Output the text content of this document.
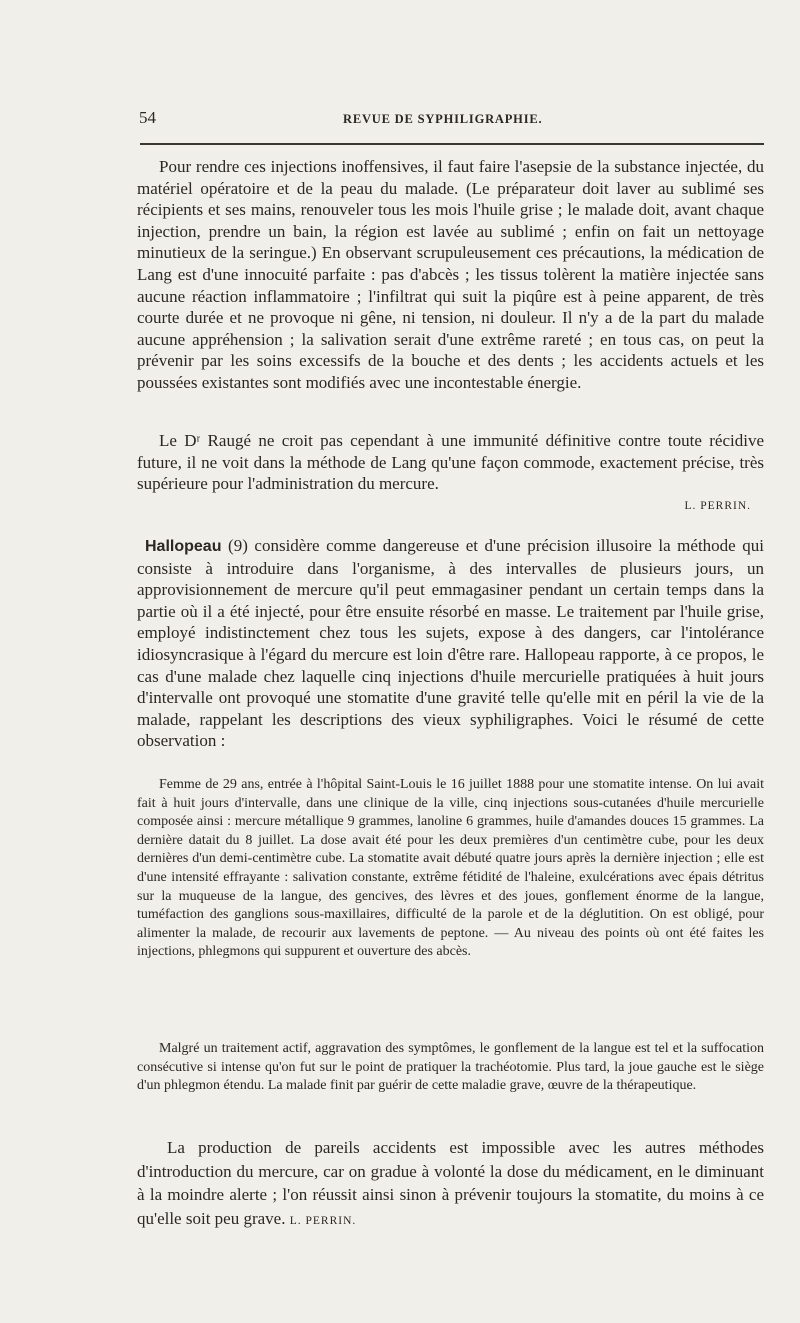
54	REVUE DE SYPHILIGRAPHIE.

Pour rendre ces injections inoffensives, il faut faire l'asepsie de la substance injectée, du matériel opératoire et de la peau du malade. (Le préparateur doit laver au sublimé ses récipients et ses mains, renouveler tous les mois l'huile grise ; le malade doit, avant chaque injection, prendre un bain, la région est lavée au sublimé ; enfin on fait un nettoyage minutieux de la seringue.) En observant scrupuleusement ces précautions, la médication de Lang est d'une innocuité parfaite : pas d'abcès ; les tissus tolèrent la matière injectée sans aucune réaction inflammatoire ; l'infiltrat qui suit la piqûre est à peine apparent, de très courte durée et ne provoque ni gêne, ni tension, ni douleur. Il n'y a de la part du malade aucune appréhension ; la salivation serait d'une extrême rareté ; en tous cas, on peut la prévenir par les soins excessifs de la bouche et des dents ; les accidents actuels et les poussées existantes sont modifiés avec une incontestable énergie.

Le Dʳ Raugé ne croit pas cependant à une immunité définitive contre toute récidive future, il ne voit dans la méthode de Lang qu'une façon commode, exactement précise, très supérieure pour l'administration du mercure.

L. PERRIN.

Hallopeau (9) considère comme dangereuse et d'une précision illusoire la méthode qui consiste à introduire dans l'organisme, à des intervalles de plusieurs jours, un approvisionnement de mercure qu'il peut emmagasiner pendant un certain temps dans la partie où il a été injecté, pour être ensuite résorbé en masse. Le traitement par l'huile grise, employé indistinctement chez tous les sujets, expose à des dangers, car l'intolérance idiosyncrasique à l'égard du mercure est loin d'être rare. Hallopeau rapporte, à ce propos, le cas d'une malade chez laquelle cinq injections d'huile mercurielle pratiquées à huit jours d'intervalle ont provoqué une stomatite d'une gravité telle qu'elle mit en péril la vie de la malade, rappelant les descriptions des vieux syphiligraphes. Voici le résumé de cette observation :

Femme de 29 ans, entrée à l'hôpital Saint-Louis le 16 juillet 1888 pour une stomatite intense. On lui avait fait à huit jours d'intervalle, dans une clinique de la ville, cinq injections sous-cutanées d'huile mercurielle composée ainsi : mercure métallique 9 grammes, lanoline 6 grammes, huile d'amandes douces 15 grammes. La dernière datait du 8 juillet. La dose avait été pour les deux premières d'un centimètre cube, pour les deux dernières d'un demi-centimètre cube. La stomatite avait débuté quatre jours après la dernière injection ; elle est d'une intensité effrayante : salivation constante, extrême fétidité de l'haleine, exulcérations avec épais détritus sur la muqueuse de la langue, des gencives, des lèvres et des joues, gonflement énorme de la langue, tuméfaction des ganglions sous-maxillaires, difficulté de la parole et de la déglutition. On est obligé, pour alimenter la malade, de recourir aux lavements de peptone. — Au niveau des points où ont été faites les injections, phlegmons qui suppurent et ouverture des abcès.

Malgré un traitement actif, aggravation des symptômes, le gonflement de la langue est tel et la suffocation consécutive si intense qu'on fut sur le point de pratiquer la trachéotomie. Plus tard, la joue gauche est le siège d'un phlegmon étendu. La malade finit par guérir de cette maladie grave, œuvre de la thérapeutique.

La production de pareils accidents est impossible avec les autres méthodes d'introduction du mercure, car on gradue à volonté la dose du médicament, en le diminuant à la moindre alerte ; l'on réussit ainsi sinon à prévenir toujours la stomatite, du moins à ce qu'elle soit peu grave. L. PERRIN.
